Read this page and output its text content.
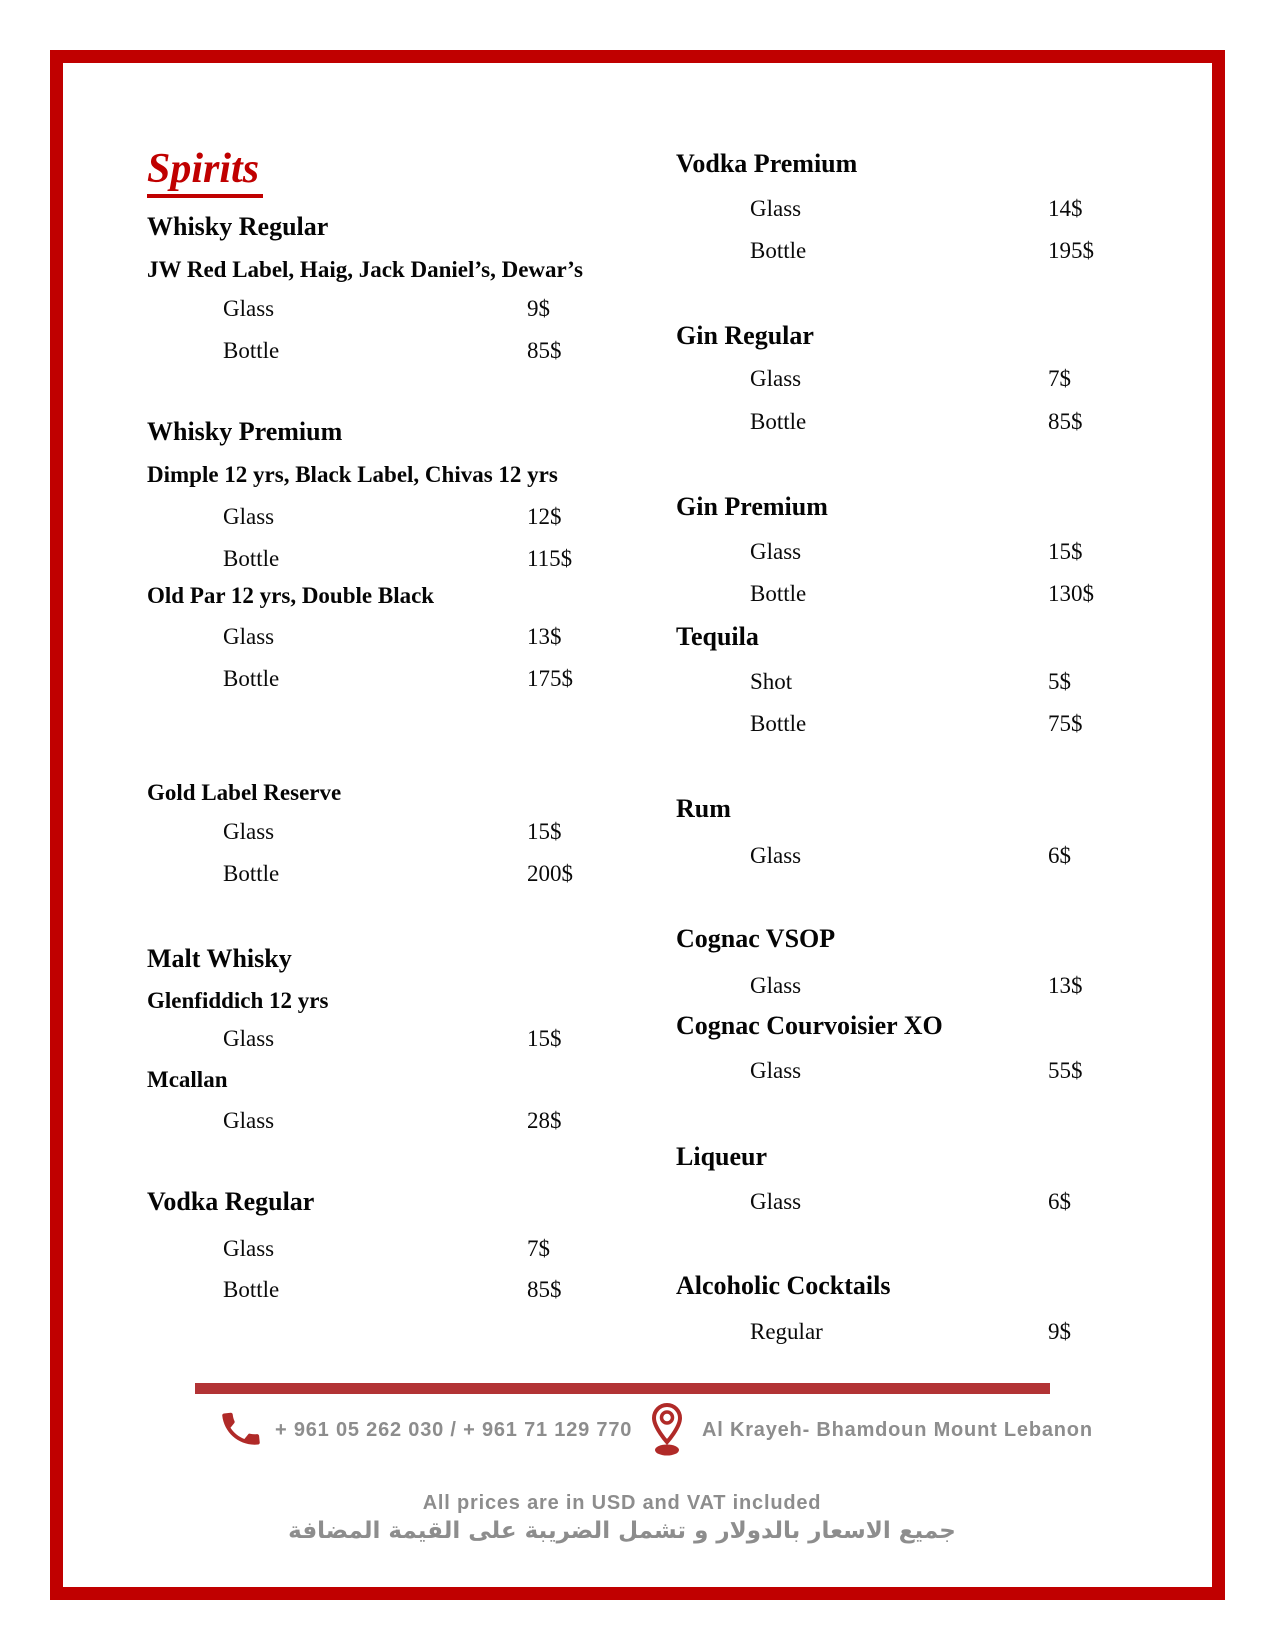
Spirits
Whisky Regular
JW Red Label, Haig, Jack Daniel’s, Dewar’s
Glass	9$
Bottle	85$
Whisky Premium
Dimple 12 yrs, Black Label, Chivas 12 yrs
Glass	12$
Bottle	115$
Old Par 12 yrs, Double Black
Glass	13$
Bottle	175$
Gold Label Reserve
Glass	15$
Bottle	200$
Malt Whisky
Glenfiddich 12 yrs
Glass	15$
Mcallan
Glass	28$
Vodka Regular
Glass	7$
Bottle	85$
Vodka Premium
Glass	14$
Bottle	195$
Gin Regular
Glass	7$
Bottle	85$
Gin Premium
Glass	15$
Bottle	130$
Tequila
Shot	5$
Bottle	75$
Rum
Glass	6$
Cognac VSOP
Glass	13$
Cognac Courvoisier XO
Glass	55$
Liqueur
Glass	6$
Alcoholic Cocktails
Regular	9$
+ 961 05 262 030 / + 961 71 129 770	Al Krayeh- Bhamdoun Mount Lebanon
All prices are in USD and VAT included
جميع الاسعار بالدولار و تشمل الضريبة على القيمة المضافة
